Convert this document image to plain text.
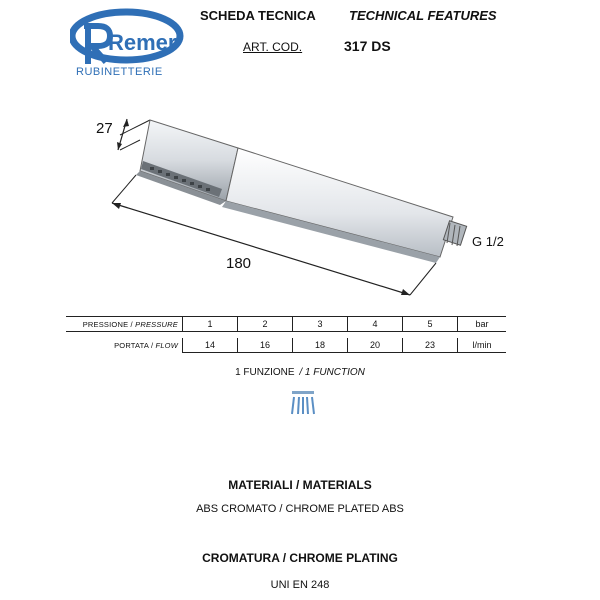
Remer
RUBINETTERIE
SCHEDA TECNICA	TECHNICAL FEATURES
ART. COD.	317 DS
27
G 1/2
180
PRESSIONE / PRESSURE	1	2	3	4	5	bar

PORTATA / FLOW	14	16	18	20	23	l/min
1 FUNZIONE / 1 FUNCTION
MATERIALI / MATERIALS
ABS CROMATO / CHROME PLATED ABS
CROMATURA / CHROME PLATING
UNI EN 248
